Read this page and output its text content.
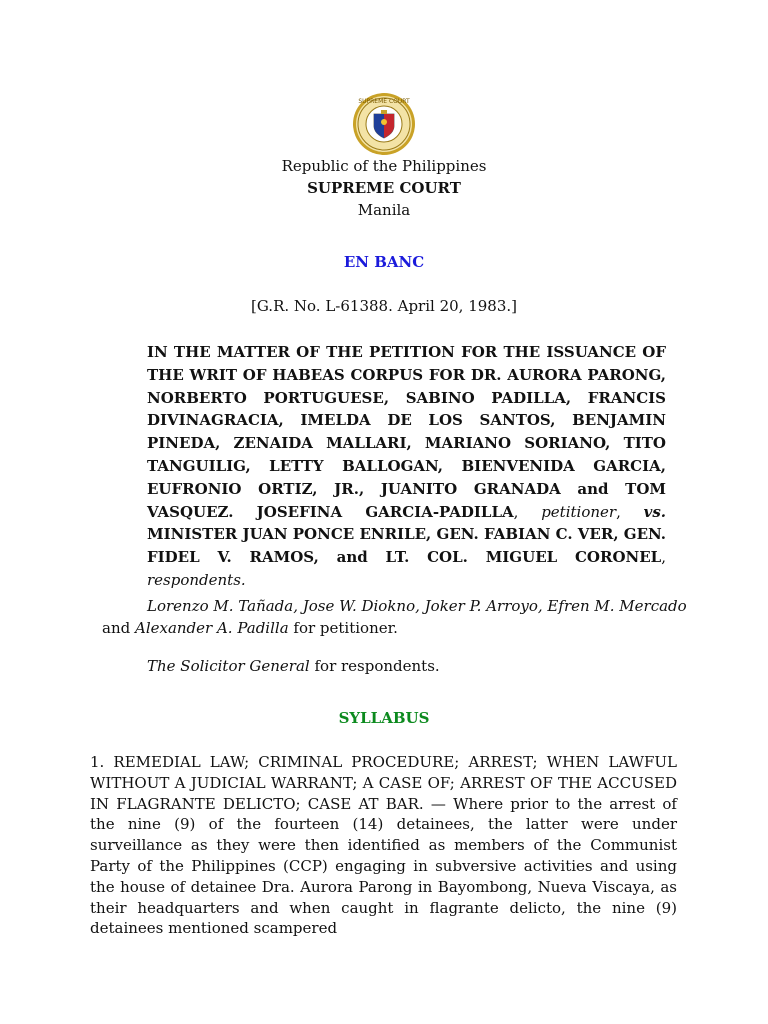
SUPREME COURT
Republic of the Philippines
SUPREME COURT
Manila
EN BANC
[G.R. No. L-61388. April 20, 1983.]
IN THE MATTER OF THE PETITION FOR THE ISSUANCE OF THE WRIT OF HABEAS CORPUS FOR DR. AURORA PARONG, NORBERTO PORTUGUESE, SABINO PADILLA, FRANCIS DIVINAGRACIA, IMELDA DE LOS SANTOS, BENJAMIN PINEDA, ZENAIDA MALLARI, MARIANO SORIANO, TITO TANGUILIG, LETTY BALLOGAN, BIENVENIDA GARCIA, EUFRONIO ORTIZ, JR., JUANITO GRANADA and TOM VASQUEZ. JOSEFINA GARCIA-PADILLA, petitioner, vs. MINISTER JUAN PONCE ENRILE, GEN. FABIAN C. VER, GEN. FIDEL V. RAMOS, and LT. COL. MIGUEL CORONEL, respondents.
Lorenzo M. Tañada, Jose W. Diokno, Joker P. Arroyo, Efren M. Mercado
and Alexander A. Padilla for petitioner.
The Solicitor General for respondents.
SYLLABUS
1. REMEDIAL LAW; CRIMINAL PROCEDURE; ARREST; WHEN LAWFUL WITHOUT A JUDICIAL WARRANT; A CASE OF; ARREST OF THE ACCUSED IN FLAGRANTE DELICTO; CASE AT BAR. — Where prior to the arrest of the nine (9) of the fourteen (14) detainees, the latter were under surveillance as they were then identified as members of the Communist Party of the Philippines (CCP) engaging in subversive activities and using the house of detainee Dra. Aurora Parong in Bayombong, Nueva Viscaya, as their headquarters and when caught in flagrante delicto, the nine (9) detainees mentioned scampered
